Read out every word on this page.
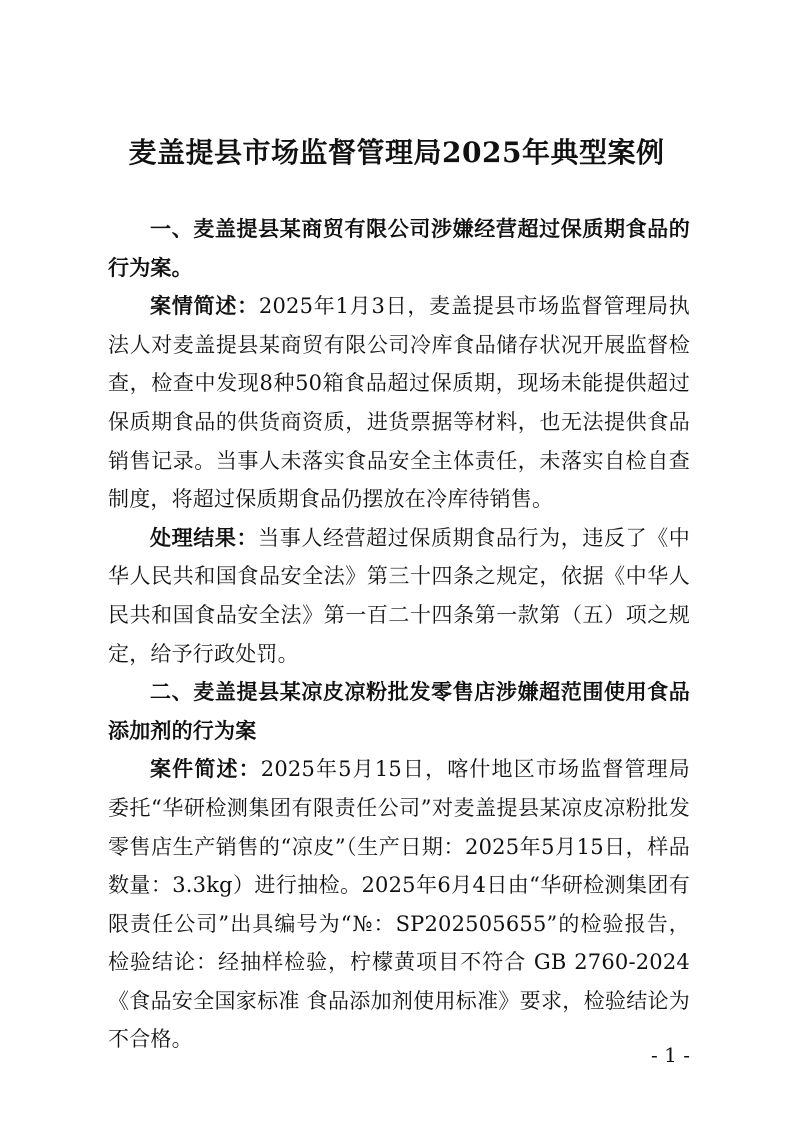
麦盖提县市场监督管理局2025年典型案例

一、麦盖提县某商贸有限公司涉嫌经营超过保质期食品的行为案。

案情简述：2025年1月3日，麦盖提县市场监督管理局执法人对麦盖提县某商贸有限公司冷库食品储存状况开展监督检查，检查中发现8种50箱食品超过保质期，现场未能提供超过保质期食品的供货商资质，进货票据等材料，也无法提供食品销售记录。当事人未落实食品安全主体责任，未落实自检自查制度，将超过保质期食品仍摆放在冷库待销售。

处理结果：当事人经营超过保质期食品行为，违反了《中华人民共和国食品安全法》第三十四条之规定，依据《中华人民共和国食品安全法》第一百二十四条第一款第（五）项之规定，给予行政处罚。

二、麦盖提县某凉皮凉粉批发零售店涉嫌超范围使用食品添加剂的行为案

案件简述：2025年5月15日，喀什地区市场监督管理局委托“华研检测集团有限责任公司”对麦盖提县某凉皮凉粉批发零售店生产销售的“凉皮”（生产日期：2025年5月15日，样品数量：3.3kg）进行抽检。2025年6月4日由“华研检测集团有限责任公司”出具编号为“№：SP202505655”的检验报告，检验结论：经抽样检验，柠檬黄项目不符合 GB 2760-2024《食品安全国家标准 食品添加剂使用标准》要求，检验结论为不合格。

- 1 -
